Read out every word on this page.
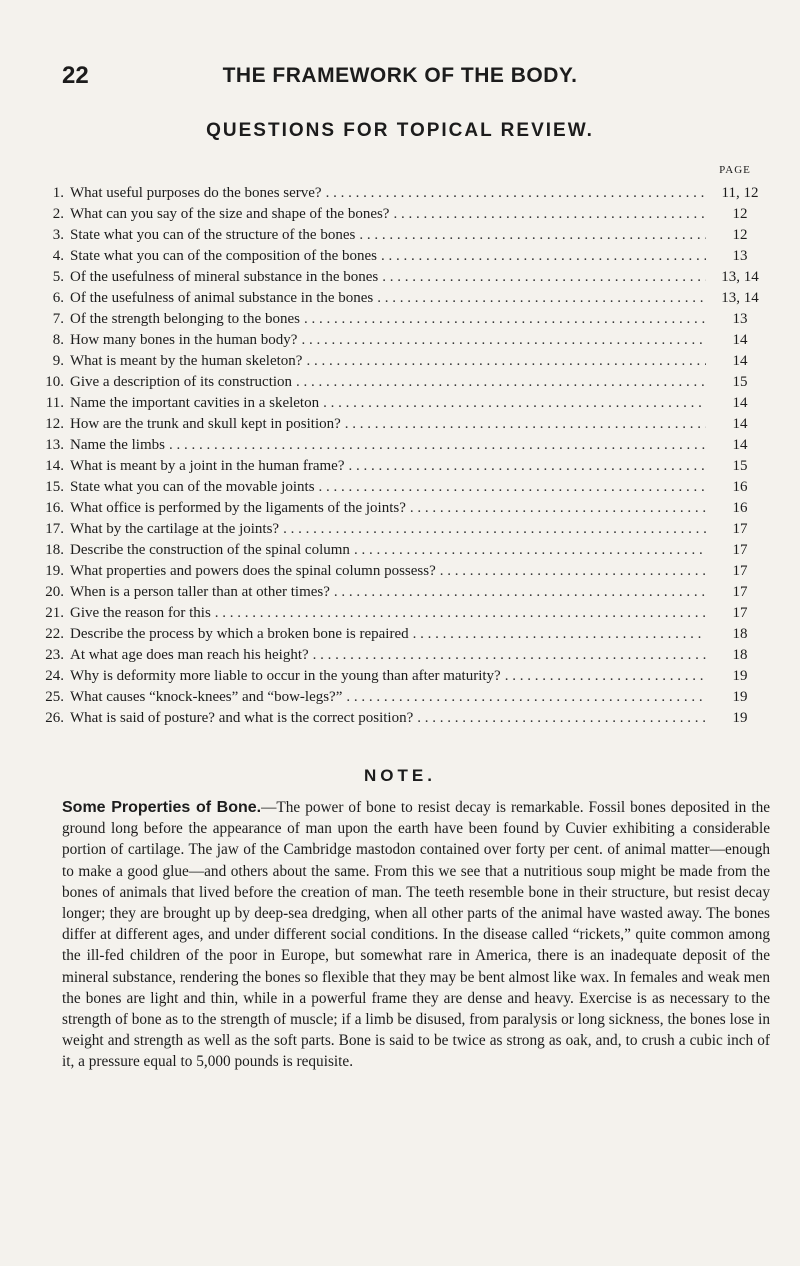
22	THE FRAMEWORK OF THE BODY.
QUESTIONS FOR TOPICAL REVIEW.
PAGE
1. What useful purposes do the bones serve? . . .	11, 12
2. What can you say of the size and shape of the bones? . . .	12
3. State what you can of the structure of the bones . . .	12
4. State what you can of the composition of the bones . . .	13
5. Of the usefulness of mineral substance in the bones . . .	13, 14
6. Of the usefulness of animal substance in the bones . . .	13, 14
7. Of the strength belonging to the bones . . .	13
8. How many bones in the human body? . . .	14
9. What is meant by the human skeleton? . . .	14
10. Give a description of its construction . . .	15
11. Name the important cavities in a skeleton . . .	14
12. How are the trunk and skull kept in position? . . .	14
13. Name the limbs . . .	14
14. What is meant by a joint in the human frame? . . .	15
15. State what you can of the movable joints . . .	16
16. What office is performed by the ligaments of the joints? . . .	16
17. What by the cartilage at the joints? . . .	17
18. Describe the construction of the spinal column . . .	17
19. What properties and powers does the spinal column possess? . . .	17
20. When is a person taller than at other times? . . .	17
21. Give the reason for this . . .	17
22. Describe the process by which a broken bone is repaired . . .	18
23. At what age does man reach his height? . . .	18
24. Why is deformity more liable to occur in the young than after maturity? . . .	19
25. What causes “knock-knees” and “bow-legs?” . . .	19
26. What is said of posture? and what is the correct position? . . .	19
NOTE.
Some Properties of Bone.—The power of bone to resist decay is remarkable. Fossil bones deposited in the ground long before the appearance of man upon the earth have been found by Cuvier exhibiting a considerable portion of cartilage. The jaw of the Cambridge mastodon contained over forty per cent. of animal matter—enough to make a good glue—and others about the same. From this we see that a nutritious soup might be made from the bones of animals that lived before the creation of man. The teeth resemble bone in their structure, but resist decay longer; they are brought up by deep-sea dredging, when all other parts of the animal have wasted away. The bones differ at different ages, and under different social conditions. In the disease called “rickets,” quite common among the ill-fed children of the poor in Europe, but somewhat rare in America, there is an inadequate deposit of the mineral substance, rendering the bones so flexible that they may be bent almost like wax. In females and weak men the bones are light and thin, while in a powerful frame they are dense and heavy. Exercise is as necessary to the strength of bone as to the strength of muscle; if a limb be disused, from paralysis or long sickness, the bones lose in weight and strength as well as the soft parts. Bone is said to be twice as strong as oak, and, to crush a cubic inch of it, a pressure equal to 5,000 pounds is requisite.
